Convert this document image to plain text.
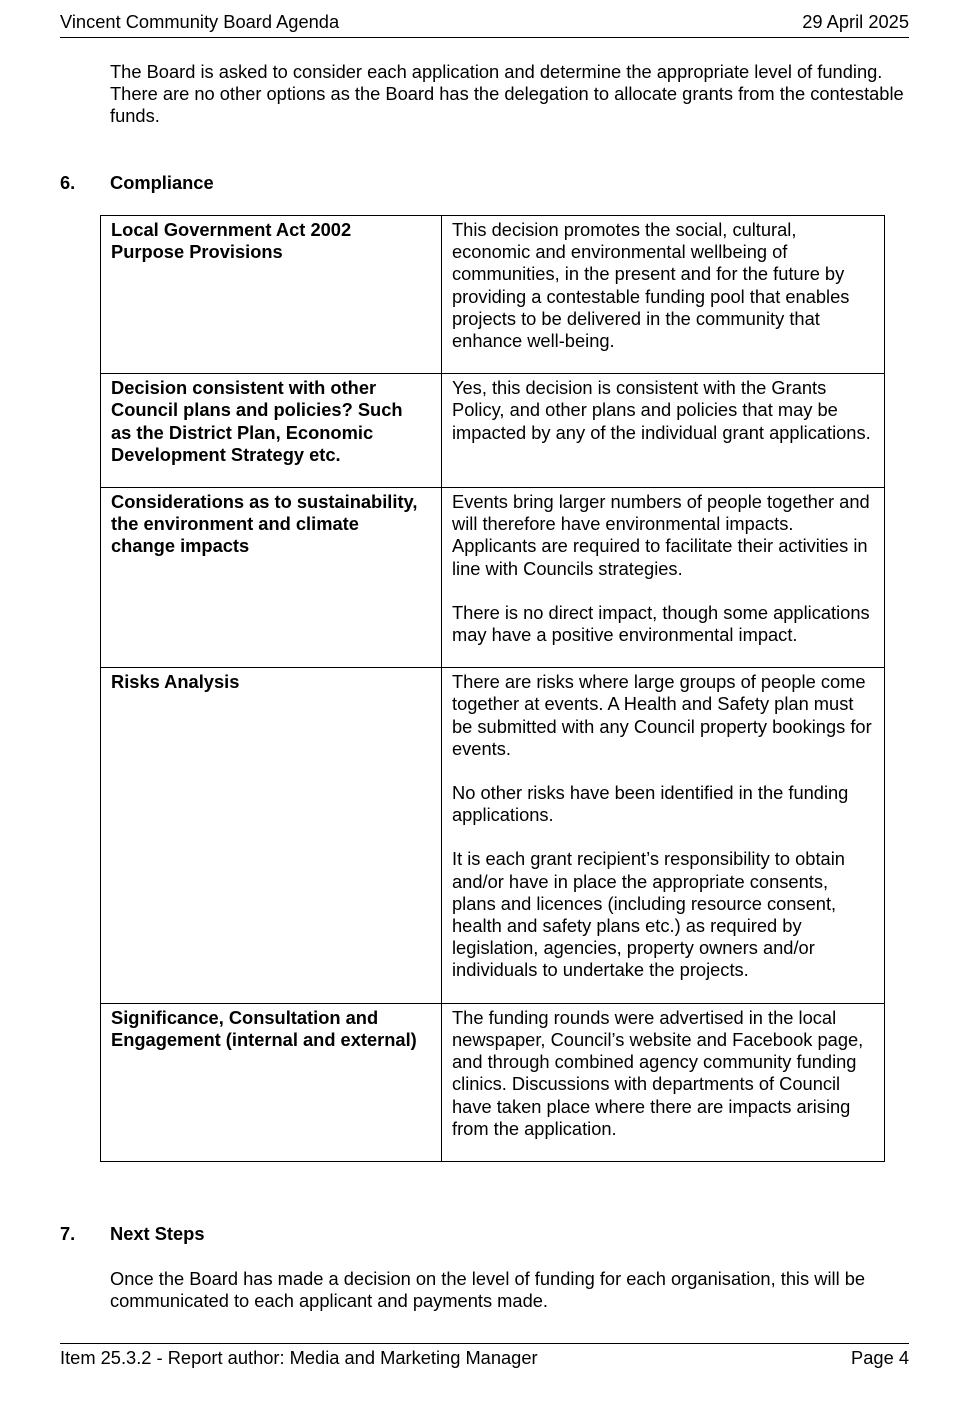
Vincent Community Board Agenda	29 April 2025

The Board is asked to consider each application and determine the appropriate level of funding. There are no other options as the Board has the delegation to allocate grants from the contestable funds.

6.	Compliance
Local Government Act 2002 Purpose Provisions	This decision promotes the social, cultural, economic and environmental wellbeing of communities, in the present and for the future by providing a contestable funding pool that enables projects to be delivered in the community that enhance well-being.

Decision consistent with other Council plans and policies? Such as the District Plan, Economic Development Strategy etc.	Yes, this decision is consistent with the Grants Policy, and other plans and policies that may be impacted by any of the individual grant applications.

Considerations as to sustainability, the environment and climate change impacts	Events bring larger numbers of people together and will therefore have environmental impacts. Applicants are required to facilitate their activities in line with Councils strategies.

There is no direct impact, though some applications may have a positive environmental impact.

Risks Analysis	There are risks where large groups of people come together at events. A Health and Safety plan must be submitted with any Council property bookings for events.

No other risks have been identified in the funding applications.

It is each grant recipient’s responsibility to obtain and/or have in place the appropriate consents, plans and licences (including resource consent, health and safety plans etc.) as required by legislation, agencies, property owners and/or individuals to undertake the projects.

Significance, Consultation and Engagement (internal and external)	The funding rounds were advertised in the local newspaper, Council’s website and Facebook page, and through combined agency community funding clinics. Discussions with departments of Council have taken place where there are impacts arising from the application.

7.	Next Steps

Once the Board has made a decision on the level of funding for each organisation, this will be communicated to each applicant and payments made.

Item 25.3.2 - Report author: Media and Marketing Manager	Page 4
